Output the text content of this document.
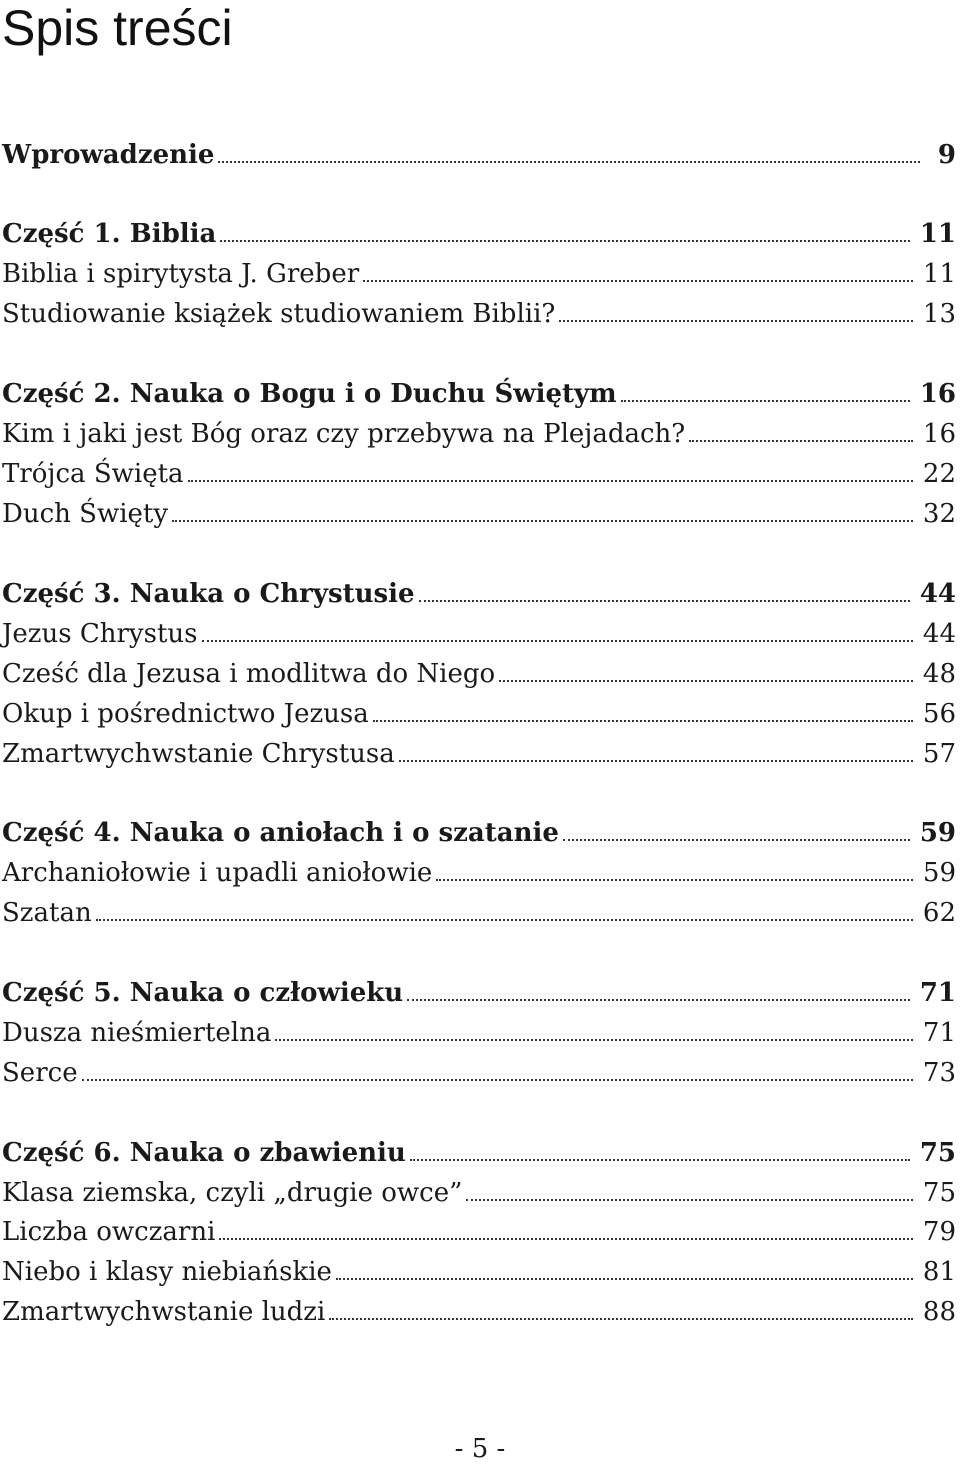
Spis treści
Wprowadzenie	9
Część 1. Biblia	11
Biblia i spirytysta J. Greber	11
Studiowanie książek studiowaniem Biblii?	13
Część 2. Nauka o Bogu i o Duchu Świętym	16
Kim i jaki jest Bóg oraz czy przebywa na Plejadach?	16
Trójca Święta	22
Duch Święty	32
Część 3. Nauka o Chrystusie	44
Jezus Chrystus	44
Cześć dla Jezusa i modlitwa do Niego	48
Okup i pośrednictwo Jezusa	56
Zmartwychwstanie Chrystusa	57
Część 4. Nauka o aniołach i o szatanie	59
Archaniołowie i upadli aniołowie	59
Szatan	62
Część 5. Nauka o człowieku	71
Dusza nieśmiertelna	71
Serce	73
Część 6. Nauka o zbawieniu	75
Klasa ziemska, czyli „drugie owce”	75
Liczba owczarni	79
Niebo i klasy niebiańskie	81
Zmartwychwstanie ludzi	88
- 5 -
